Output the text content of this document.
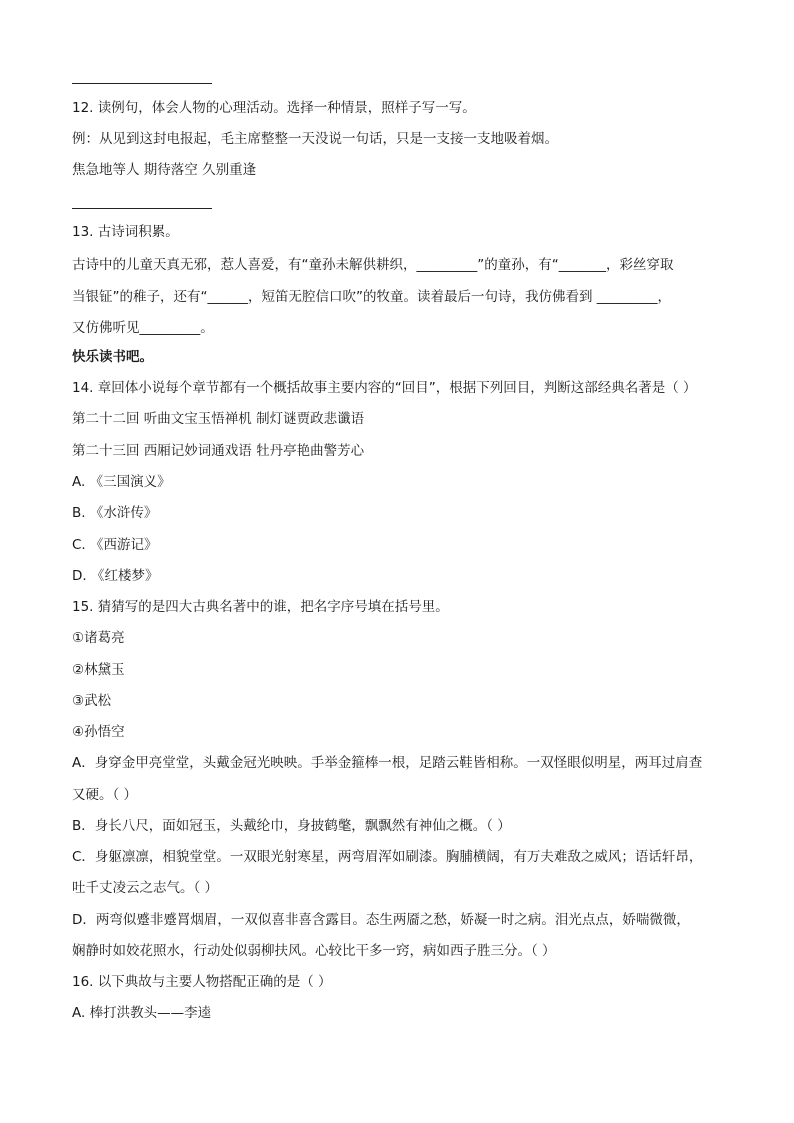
12. 读例句，体会人物的心理活动。选择一种情景，照样子写一写。
例：从见到这封电报起，毛主席整整一天没说一句话，只是一支接一支地吸着烟。
焦急地等人 期待落空 久别重逢
13. 古诗词积累。
古诗中的儿童天真无邪，惹人喜爱，有“童孙未解供耕织，_________”的童孙，有“_______，彩丝穿取
当银钲”的稚子，还有“______，短笛无腔信口吹”的牧童。读着最后一句诗，我仿佛看到 _________，
又仿佛听见_________。
快乐读书吧。
14. 章回体小说每个章节都有一个概括故事主要内容的“回目”，根据下列回目，判断这部经典名著是（ ）
第二十二回 听曲文宝玉悟禅机 制灯谜贾政悲谶语
第二十三回 西厢记妙词通戏语 牡丹亭艳曲警芳心
A. 《三国演义》
B. 《水浒传》
C. 《西游记》
D. 《红楼梦》
15. 猜猜写的是四大古典名著中的谁，把名字序号填在括号里。
①诸葛亮
②林黛玉
③武松
④孙悟空
A．身穿金甲亮堂堂，头戴金冠光映映。手举金箍棒一根，足踏云鞋皆相称。一双怪眼似明星，两耳过肩查
又硬。（ ）
B．身长八尺，面如冠玉，头戴纶巾，身披鹤氅，飘飘然有神仙之概。（ ）
C．身躯凛凛，相貌堂堂。一双眼光射寒星，两弯眉浑如刷漆。胸脯横阔，有万夫难敌之威风；语话轩昂，
吐千丈凌云之志气。（ ）
D．两弯似蹙非蹙罥烟眉，一双似喜非喜含露目。态生两靥之愁，娇凝一时之病。泪光点点，娇喘微微，
娴静时如姣花照水，行动处似弱柳扶风。心较比干多一窍，病如西子胜三分。（ ）
16. 以下典故与主要人物搭配正确的是（ ）
A. 棒打洪教头——李逵
